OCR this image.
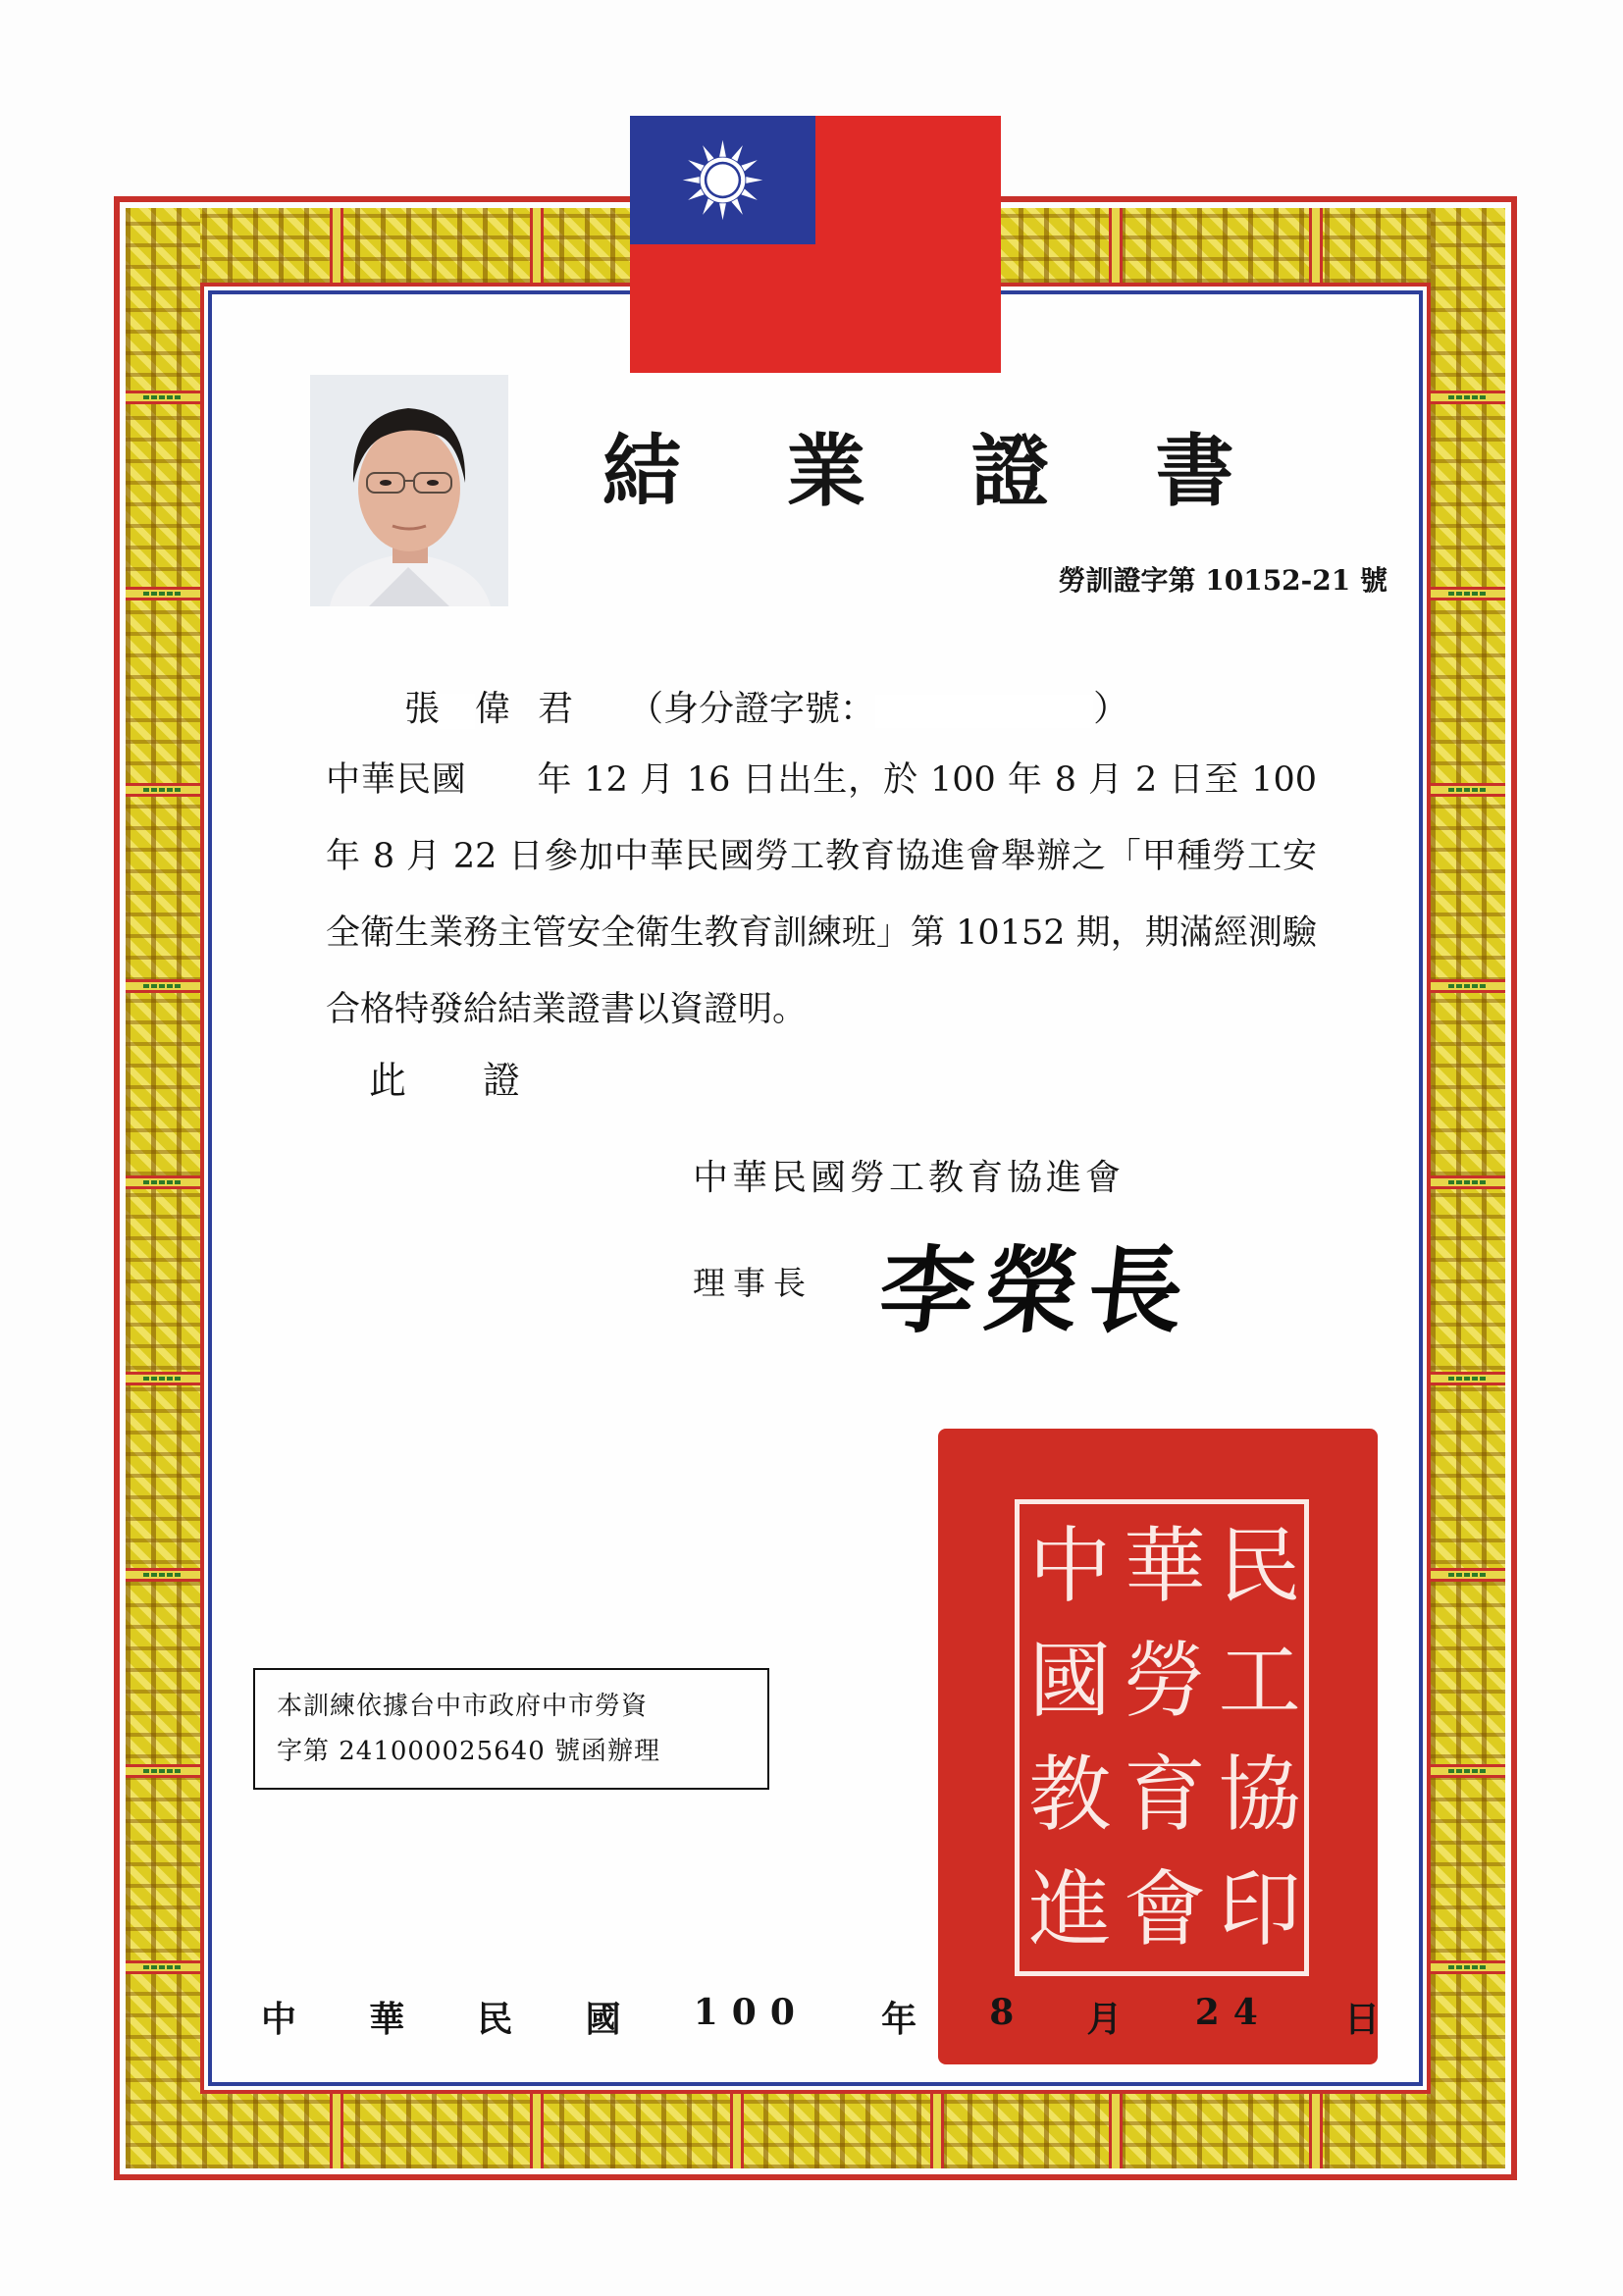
結 業 證 書
勞訓證字第 10152-21 號
張 偉 君 （身分證字號：	）

中華民國　　年 12 月 16 日出生，於 100 年 8 月 2 日至 100 年 8 月 22 日參加中華民國勞工教育協進會舉辦之「甲種勞工安全衛生業務主管安全衛生教育訓練班」第 10152 期，期滿經測驗合格特發給結業證書以資證明。

此證
中華民國勞工教育協進會
理事長 李榮長
本訓練依據台中市政府中市勞資
字第 241000025640 號函辦理
中 華 民
國 勞 工
教 育 協
進 會 印
中 華 民 國 100 年 8 月 24 日
